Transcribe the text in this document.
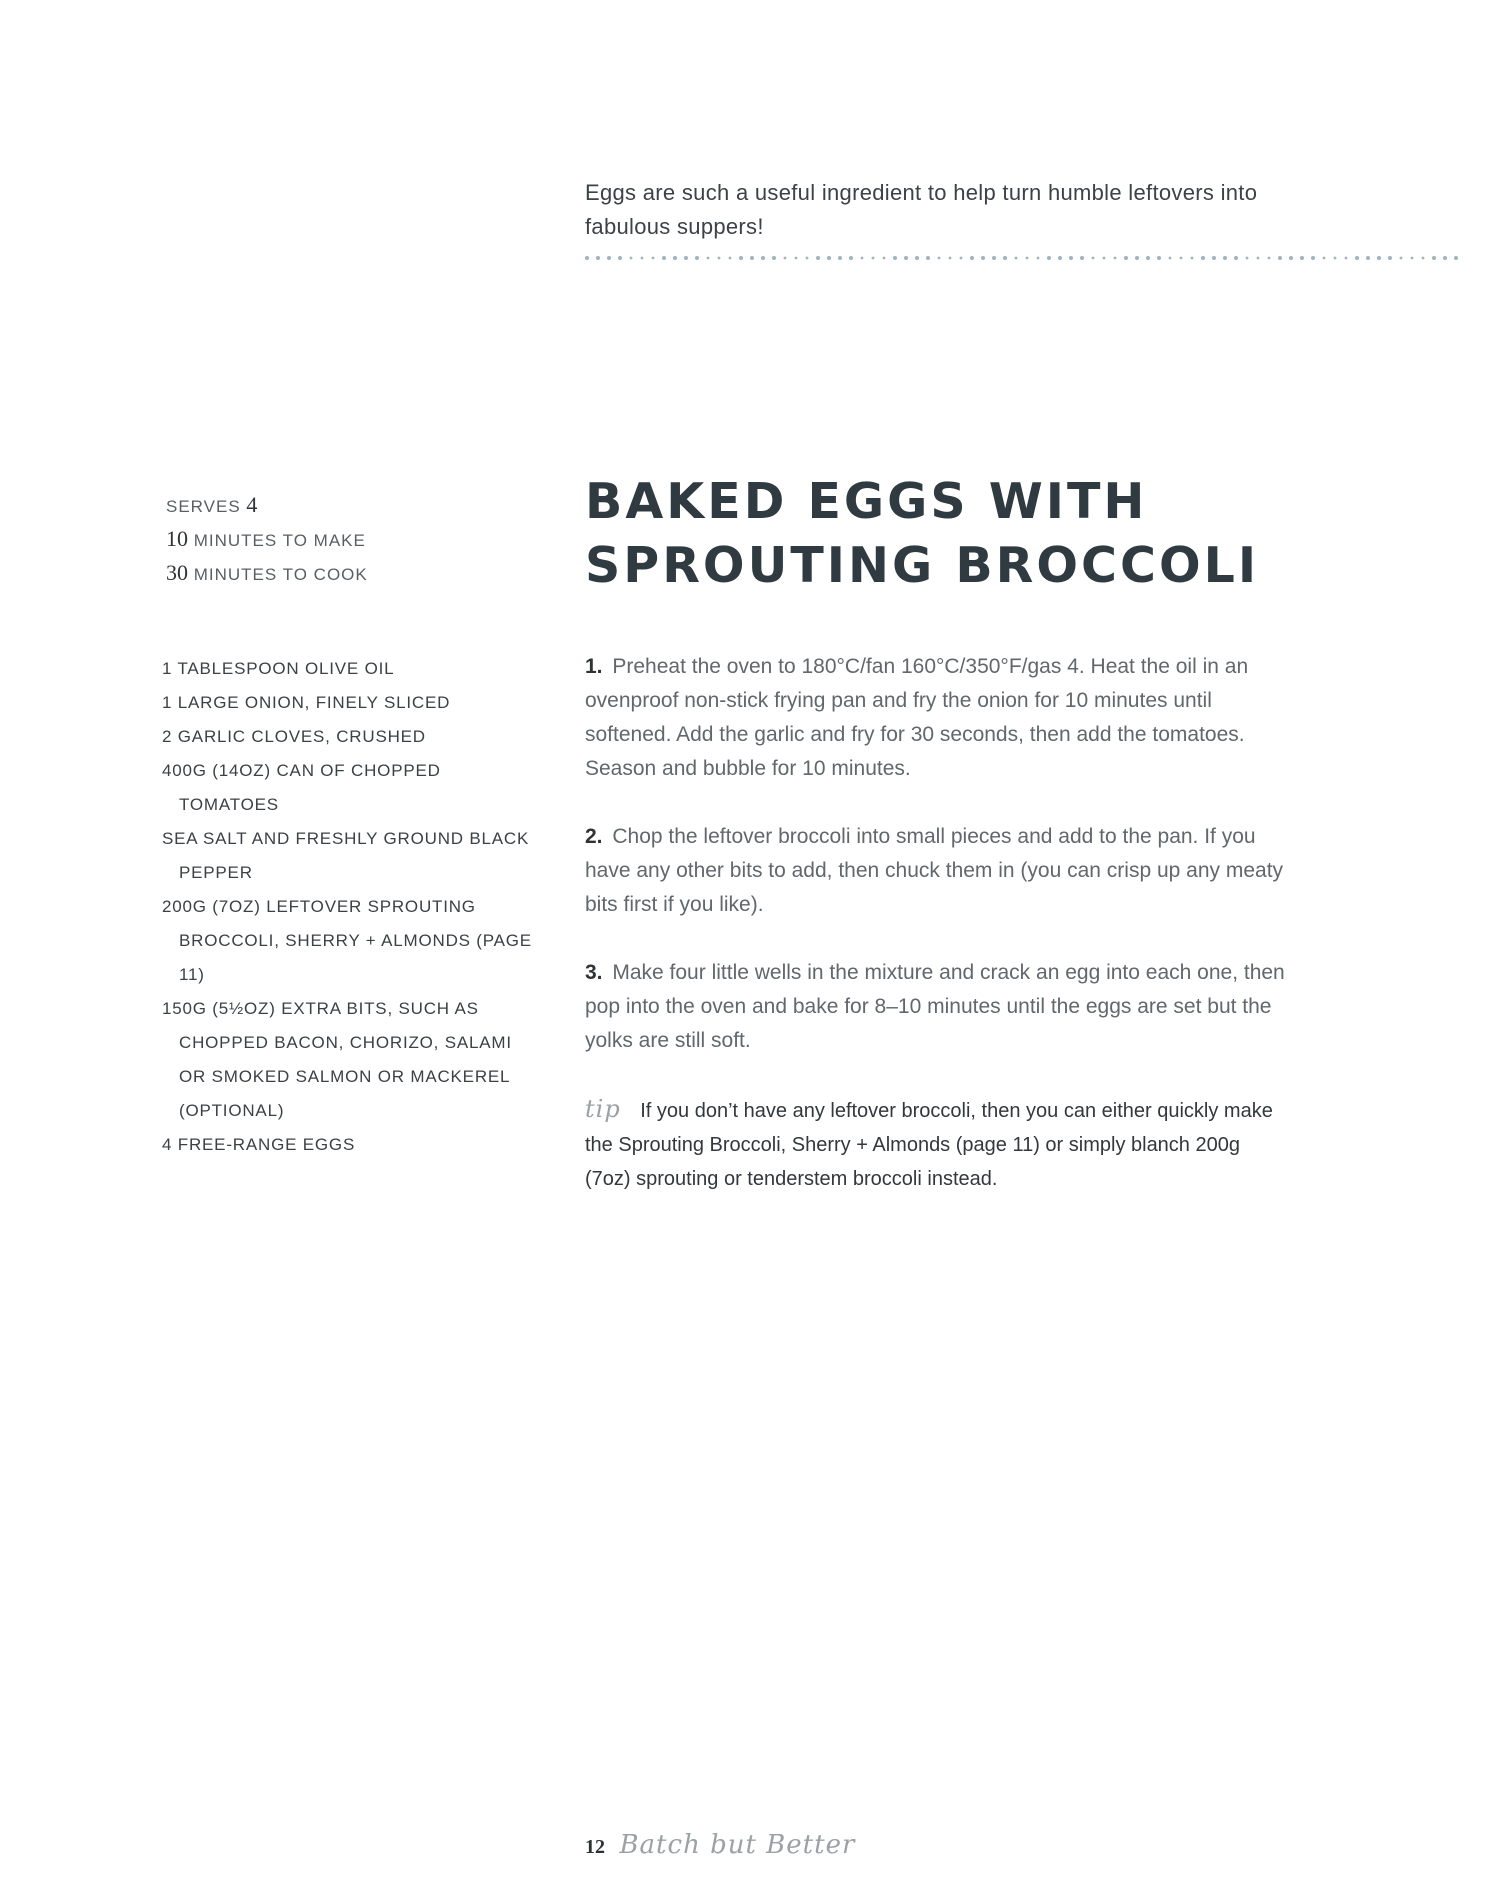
Eggs are such a useful ingredient to help turn humble leftovers into fabulous suppers!
SERVES 4
10 MINUTES TO MAKE
30 MINUTES TO COOK
BAKED EGGS WITH
SPROUTING BROCCOLI
1 TABLESPOON OLIVE OIL
1 LARGE ONION, FINELY SLICED
2 GARLIC CLOVES, CRUSHED
400G (14OZ) CAN OF CHOPPED TOMATOES
SEA SALT AND FRESHLY GROUND BLACK PEPPER
200G (7OZ) LEFTOVER SPROUTING BROCCOLI, SHERRY + ALMONDS (PAGE 11)
150G (5½OZ) EXTRA BITS, SUCH AS CHOPPED BACON, CHORIZO, SALAMI OR SMOKED SALMON OR MACKEREL (OPTIONAL)
4 FREE-RANGE EGGS

1. Preheat the oven to 180°C/fan 160°C/350°F/gas 4. Heat the oil in an ovenproof non-stick frying pan and fry the onion for 10 minutes until softened. Add the garlic and fry for 30 seconds, then add the tomatoes. Season and bubble for 10 minutes.

2. Chop the leftover broccoli into small pieces and add to the pan. If you have any other bits to add, then chuck them in (you can crisp up any meaty bits first if you like).

3. Make four little wells in the mixture and crack an egg into each one, then pop into the oven and bake for 8–10 minutes until the eggs are set but the yolks are still soft.

tip If you don’t have any leftover broccoli, then you can either quickly make the Sprouting Broccoli, Sherry + Almonds (page 11) or simply blanch 200g (7oz) sprouting or tenderstem broccoli instead.

12 Batch but Better
